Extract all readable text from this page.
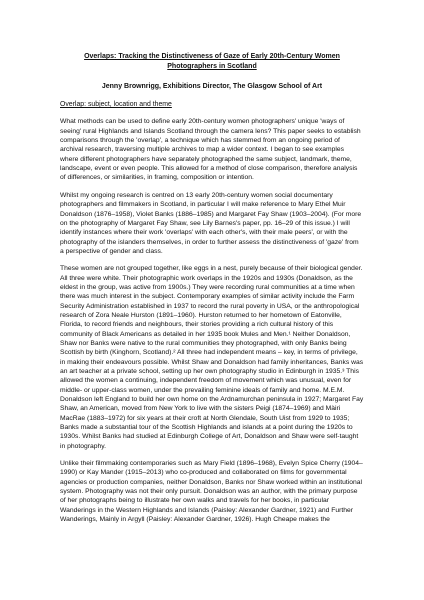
Overlaps: Tracking the Distinctiveness of Gaze of Early 20th-Century Women Photographers in Scotland
Jenny Brownrigg, Exhibitions Director, The Glasgow School of Art
Overlap: subject, location and theme

What methods can be used to define early 20th-century women photographers' unique 'ways of seeing' rural Highlands and Islands Scotland through the camera lens? This paper seeks to establish comparisons through the 'overlap', a technique which has stemmed from an ongoing period of archival research, traversing multiple archives to map a wider context. I began to see examples where different photographers have separately photographed the same subject, landmark, theme, landscape, event or even people. This allowed for a method of close comparison, therefore analysis of differences, or similarities, in framing, composition or intention.

Whilst my ongoing research is centred on 13 early 20th-century women social documentary photographers and filmmakers in Scotland, in particular I will make reference to Mary Ethel Muir Donaldson (1876–1958), Violet Banks (1886–1985) and Margaret Fay Shaw (1903–2004). (For more on the photography of Margaret Fay Shaw, see Lily Barnes's paper, pp. 16–29 of this issue.) I will identify instances where their work 'overlaps' with each other's, with their male peers', or with the photography of the islanders themselves, in order to further assess the distinctiveness of 'gaze' from a perspective of gender and class.

These women are not grouped together, like eggs in a nest, purely because of their biological gender. All three were white. Their photographic work overlaps in the 1920s and 1930s (Donaldson, as the eldest in the group, was active from 1900s.) They were recording rural communities at a time when there was much interest in the subject. Contemporary examples of similar activity include the Farm Security Administration established in 1937 to record the rural poverty in USA, or the anthropological research of Zora Neale Hurston (1891–1960). Hurston returned to her hometown of Eatonville, Florida, to record friends and neighbours, their stories providing a rich cultural history of this community of Black Americans as detailed in her 1935 book Mules and Men.¹ Neither Donaldson, Shaw nor Banks were native to the rural communities they photographed, with only Banks being Scottish by birth (Kinghorn, Scotland).² All three had independent means – key, in terms of privilege, in making their endeavours possible. Whilst Shaw and Donaldson had family inheritances, Banks was an art teacher at a private school, setting up her own photography studio in Edinburgh in 1935.³ This allowed the women a continuing, independent freedom of movement which was unusual, even for middle- or upper-class women, under the prevailing feminine ideals of family and home. M.E.M. Donaldson left England to build her own home on the Ardnamurchan peninsula in 1927; Margaret Fay Shaw, an American, moved from New York to live with the sisters Peigi (1874–1969) and Màiri MacRae (1883–1972) for six years at their croft at North Glendale, South Uist from 1929 to 1935; Banks made a substantial tour of the Scottish Highlands and islands at a point during the 1920s to 1930s. Whilst Banks had studied at Edinburgh College of Art, Donaldson and Shaw were self-taught in photography.

Unlike their filmmaking contemporaries such as Mary Field (1896–1968), Evelyn Spice Cherry (1904–1990) or Kay Mander (1915–2013) who co-produced and collaborated on films for governmental agencies or production companies, neither Donaldson, Banks nor Shaw worked within an institutional system. Photography was not their only pursuit. Donaldson was an author, with the primary purpose of her photographs being to illustrate her own walks and travels for her books, in particular Wanderings in the Western Highlands and Islands (Paisley: Alexander Gardner, 1921) and Further Wanderings, Mainly in Argyll (Paisley: Alexander Gardner, 1926). Hugh Cheape makes the
